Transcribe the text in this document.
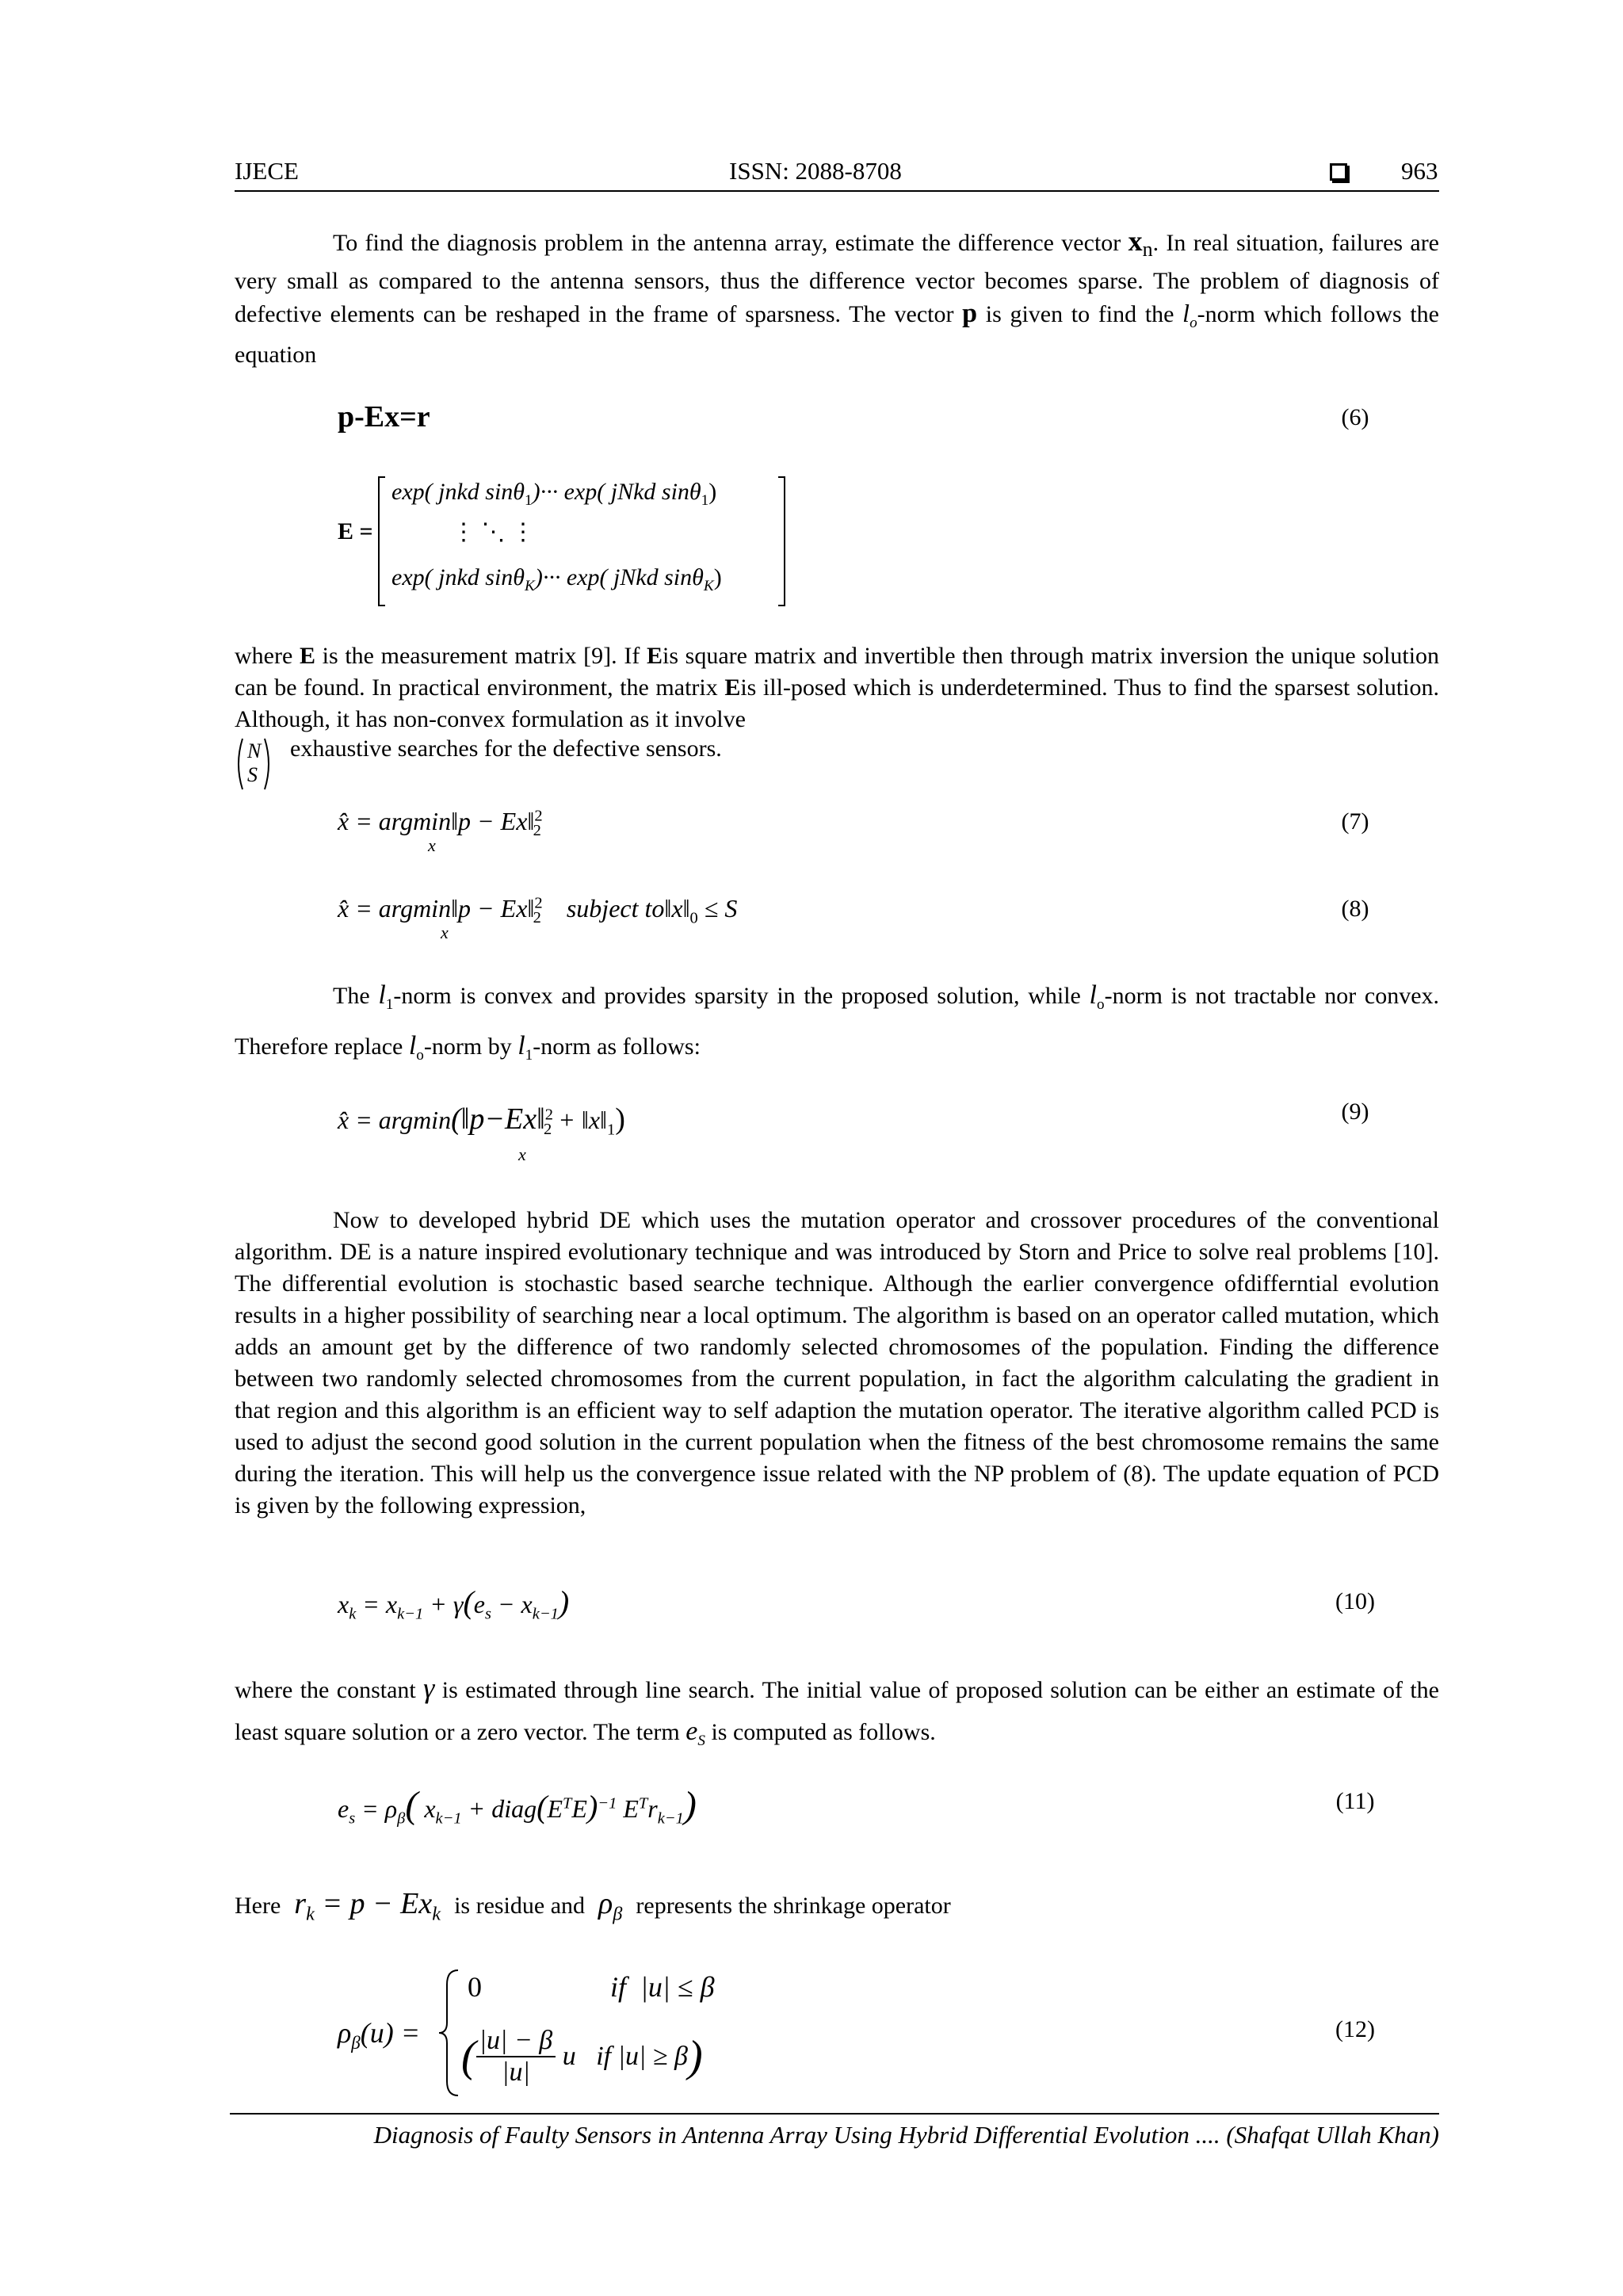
IJECE	ISSN: 2088-8708	963
To find the diagnosis problem in the antenna array, estimate the difference vector $x_n$. In real situation, failures are very small as compared to the antenna sensors, thus the difference vector becomes sparse. The problem of diagnosis of defective elements can be reshaped in the frame of sparsness. The vector p is given to find the $l_o$-norm which follows the equation
p-Ex=r	(6)
E =
exp( jnkd sinθ$_1$)··· exp( jNkd sinθ$_1$)
⋮ ⋱ ⋮
exp( jnkd sinθ$_K$)··· exp( jNkd sinθ$_K$)
where E is the measurement matrix [9]. If Eis square matrix and invertible then through matrix inversion the unique solution can be found. In practical environment, the matrix Eis ill-posed which is underdetermined. Thus to find the sparsest solution. Although, it has non-convex formulation as it involve
N
S
exhaustive searches for the defective sensors.
x̂ = argmin‖p − Ex‖$^2_2$
x
(7)
x̂ = argmin‖p − Ex‖$^2_2$ subject $to‖x‖_0 \le S$
x
(8)
The $l_1$-norm is convex and provides sparsity in the proposed solution, while $l_o$-norm is not tractable nor convex. Therefore replace $l_o$-norm by $l_1$-norm as follows:
x̂ = argmin(‖p−Ex‖$^2_2$ + $‖x‖_1$)
x
(9)
Now to developed hybrid DE which uses the mutation operator and crossover procedures of the conventional algorithm. DE is a nature inspired evolutionary technique and was introduced by Storn and Price to solve real problems [10]. The differential evolution is stochastic based searche technique. Although the earlier convergence ofdifferntial evolution results in a higher possibility of searching near a local optimum. The algorithm is based on an operator called mutation, which adds an amount get by the difference of two randomly selected chromosomes of the population. Finding the difference between two randomly selected chromosomes from the current population, in fact the algorithm calculating the gradient in that region and this algorithm is an efficient way to self adaption the mutation operator. The iterative algorithm called PCD is used to adjust the second good solution in the current population when the fitness of the best chromosome remains the same during the iteration. This will help us the convergence issue related with the NP problem of (8). The update equation of PCD is given by the following expression,
$x_k = x_{k-1} + \gamma(e_s - x_{k-1})$	(10)
where the constant γ is estimated through line search. The initial value of proposed solution can be either an estimate of the least square solution or a zero vector. The term $e_S$ is computed as follows.
$e_s = \rho_\beta$( $x_{k-1}$ + $diag(E^TE)^{-1}$ $E^Tr_{k-1}$)	(11)
Here  $r_k = p - Ex_k$ is residue and  $\rho_\beta$ represents the shrinkage operator
$\rho_\beta(u)$ =
0	if |u| ≤ β
( $\frac{|u| - \beta}{|u|}$ u if |u| ≥ β)
(12)
Diagnosis of Faulty Sensors in Antenna Array Using Hybrid Differential Evolution .... (Shafqat Ullah Khan)
